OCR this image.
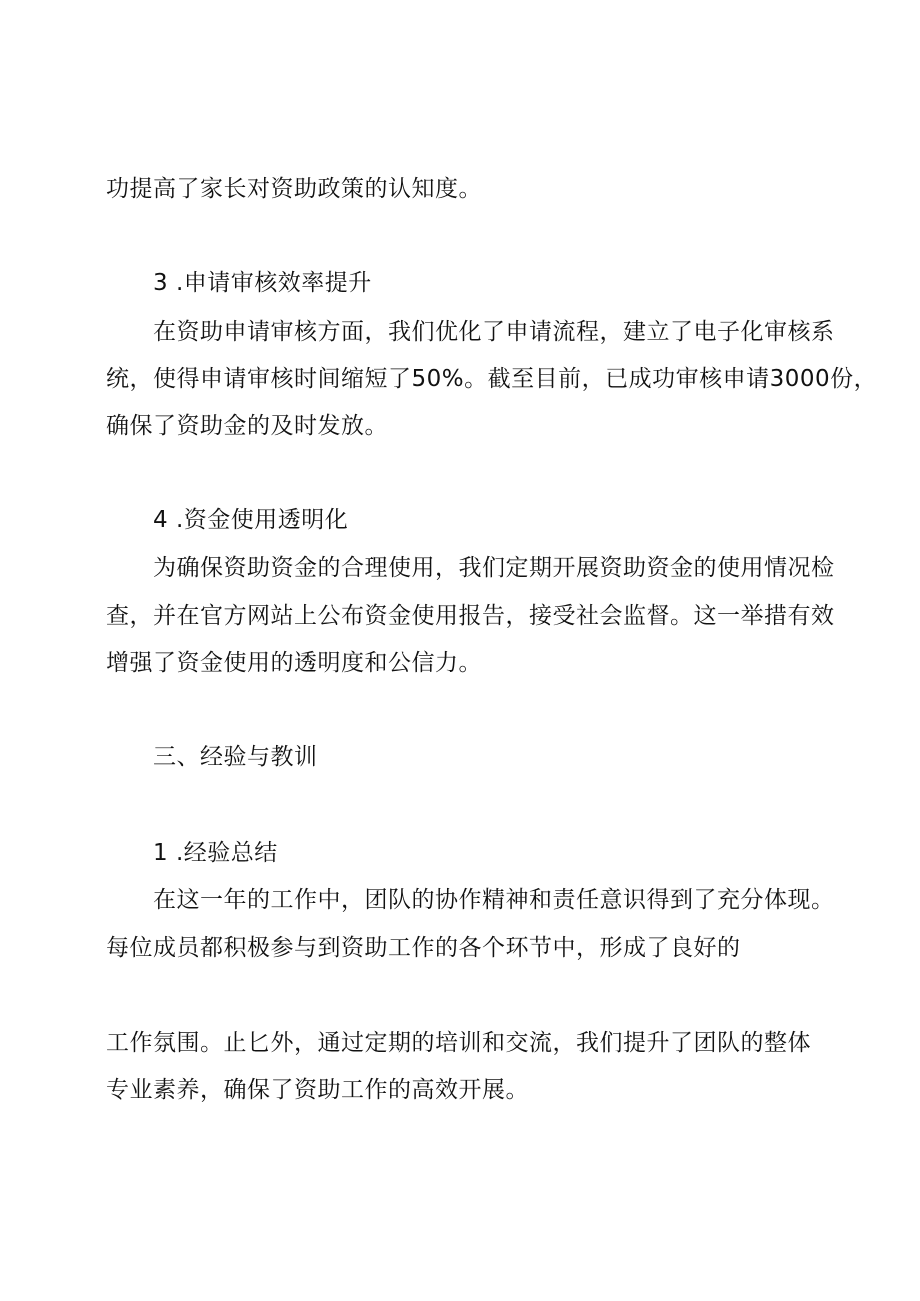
功提高了家长对资助政策的认知度。
3 .申请审核效率提升
在资助申请审核方面，我们优化了申请流程，建立了电子化审核系
统，使得申请审核时间缩短了50%。截至目前，已成功审核申请3000份，
确保了资助金的及时发放。
4 .资金使用透明化
为确保资助资金的合理使用，我们定期开展资助资金的使用情况检
查，并在官方网站上公布资金使用报告，接受社会监督。这一举措有效
增强了资金使用的透明度和公信力。
三、经验与教训
1 .经验总结
在这一年的工作中，团队的协作精神和责任意识得到了充分体现。
每位成员都积极参与到资助工作的各个环节中，形成了良好的
工作氛围。止匕外，通过定期的培训和交流，我们提升了团队的整体
专业素养，确保了资助工作的高效开展。
